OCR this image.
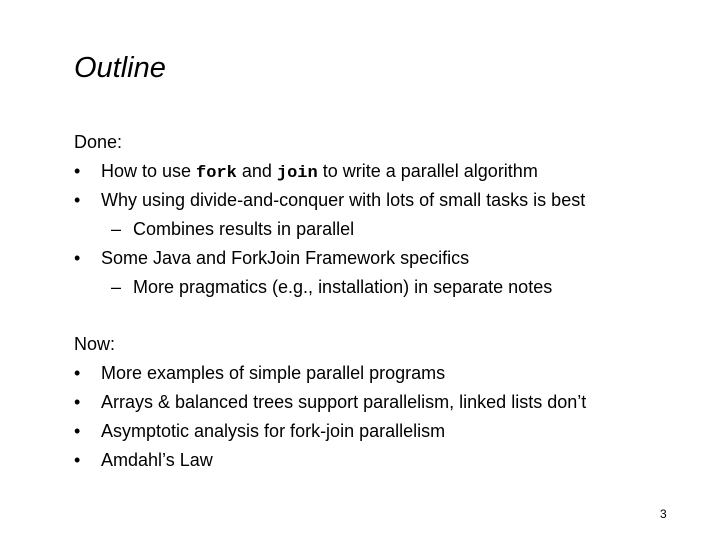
Outline
Done:
• How to use fork and join to write a parallel algorithm
• Why using divide-and-conquer with lots of small tasks is best
– Combines results in parallel
• Some Java and ForkJoin Framework specifics
– More pragmatics (e.g., installation) in separate notes
Now:
• More examples of simple parallel programs
• Arrays & balanced trees support parallelism, linked lists don’t
• Asymptotic analysis for fork-join parallelism
• Amdahl’s Law
3
